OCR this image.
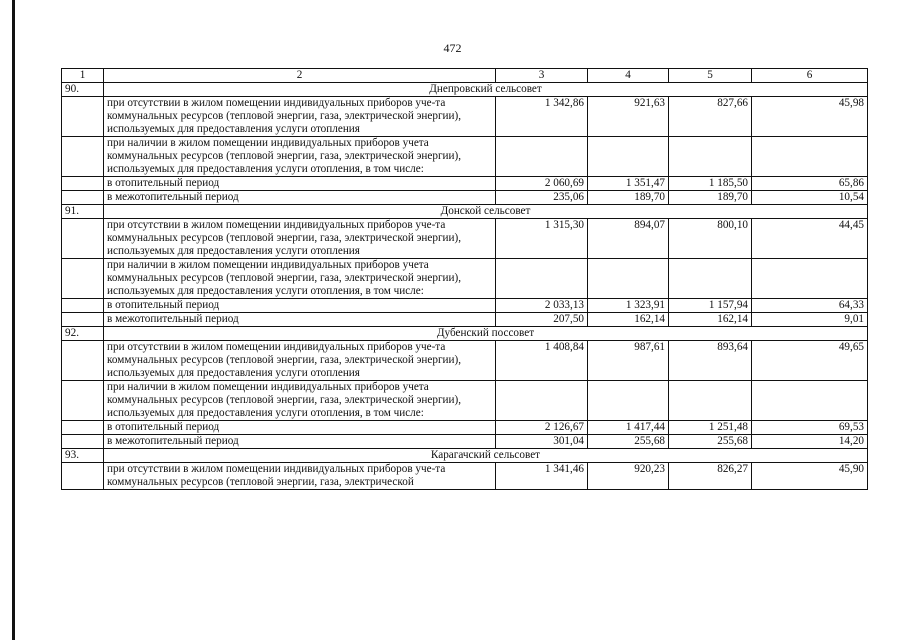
472
1	2	3	4	5	6
90.	Днепровский сельсовет				
	при отсутствии в жилом помещении индивидуальных приборов уче-та коммунальных ресурсов (тепловой энергии, газа, электрической энергии), используемых для предоставления услуги отопления	1 342,86	921,63	827,66	45,98
	при наличии в жилом помещении индивидуальных приборов учета коммунальных ресурсов (тепловой энергии, газа, электрической энергии), используемых для предоставления услуги отопления, в том числе:				
	в отопительный период	2 060,69	1 351,47	1 185,50	65,86
	в межотопительный период	235,06	189,70	189,70	10,54
91.	Донской сельсовет				
	при отсутствии в жилом помещении индивидуальных приборов уче-та коммунальных ресурсов (тепловой энергии, газа, электрической энергии), используемых для предоставления услуги отопления	1 315,30	894,07	800,10	44,45
	при наличии в жилом помещении индивидуальных приборов учета коммунальных ресурсов (тепловой энергии, газа, электрической энергии), используемых для предоставления услуги отопления, в том числе:				
	в отопительный период	2 033,13	1 323,91	1 157,94	64,33
	в межотопительный период	207,50	162,14	162,14	9,01
92.	Дубенский поссовет				
	при отсутствии в жилом помещении индивидуальных приборов уче-та коммунальных ресурсов (тепловой энергии, газа, электрической энергии), используемых для предоставления услуги отопления	1 408,84	987,61	893,64	49,65
	при наличии в жилом помещении индивидуальных приборов учета коммунальных ресурсов (тепловой энергии, газа, электрической энергии), используемых для предоставления услуги отопления, в том числе:				
	в отопительный период	2 126,67	1 417,44	1 251,48	69,53
	в межотопительный период	301,04	255,68	255,68	14,20
93.	Карагачский сельсовет				
	при отсутствии в жилом помещении индивидуальных приборов уче-та коммунальных ресурсов (тепловой энергии, газа, электрической	1 341,46	920,23	826,27	45,90
